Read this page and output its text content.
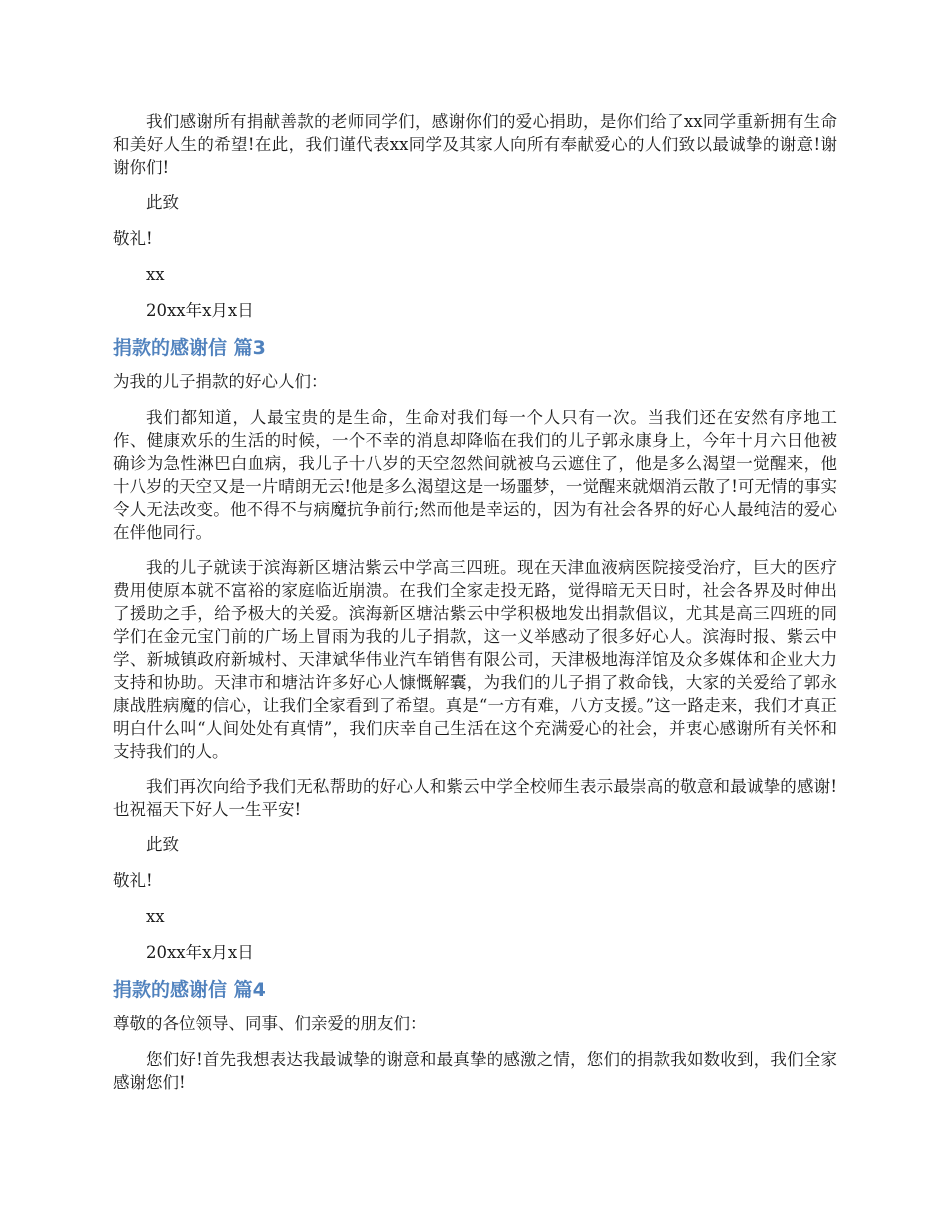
我们感谢所有捐献善款的老师同学们，感谢你们的爱心捐助，是你们给了xx同学重新拥有生命和美好人生的希望!在此，我们谨代表xx同学及其家人向所有奉献爱心的人们致以最诚挚的谢意!谢谢你们!

此致

敬礼!

xx

20xx年x月x日

捐款的感谢信 篇3

为我的儿子捐款的好心人们：

我们都知道，人最宝贵的是生命，生命对我们每一个人只有一次。当我们还在安然有序地工作、健康欢乐的生活的时候，一个不幸的消息却降临在我们的儿子郭永康身上，今年十月六日他被确诊为急性淋巴白血病，我儿子十八岁的天空忽然间就被乌云遮住了，他是多么渴望一觉醒来，他十八岁的天空又是一片晴朗无云!他是多么渴望这是一场噩梦，一觉醒来就烟消云散了!可无情的事实令人无法改变。他不得不与病魔抗争前行;然而他是幸运的，因为有社会各界的好心人最纯洁的爱心在伴他同行。

我的儿子就读于滨海新区塘沽紫云中学高三四班。现在天津血液病医院接受治疗，巨大的医疗费用使原本就不富裕的家庭临近崩溃。在我们全家走投无路，觉得暗无天日时，社会各界及时伸出了援助之手，给予极大的关爱。滨海新区塘沽紫云中学积极地发出捐款倡议，尤其是高三四班的同学们在金元宝门前的广场上冒雨为我的儿子捐款，这一义举感动了很多好心人。滨海时报、紫云中学、新城镇政府新城村、天津斌华伟业汽车销售有限公司，天津极地海洋馆及众多媒体和企业大力支持和协助。天津市和塘沽许多好心人慷慨解囊，为我们的儿子捐了救命钱，大家的关爱给了郭永康战胜病魔的信心，让我们全家看到了希望。真是“一方有难，八方支援。”这一路走来，我们才真正明白什么叫“人间处处有真情”，我们庆幸自己生活在这个充满爱心的社会，并衷心感谢所有关怀和支持我们的人。

我们再次向给予我们无私帮助的好心人和紫云中学全校师生表示最崇高的敬意和最诚挚的感谢!也祝福天下好人一生平安!

此致

敬礼!

xx

20xx年x月x日

捐款的感谢信 篇4

尊敬的各位领导、同事、们亲爱的朋友们：

您们好!首先我想表达我最诚挚的谢意和最真挚的感激之情，您们的捐款我如数收到，我们全家感谢您们!
